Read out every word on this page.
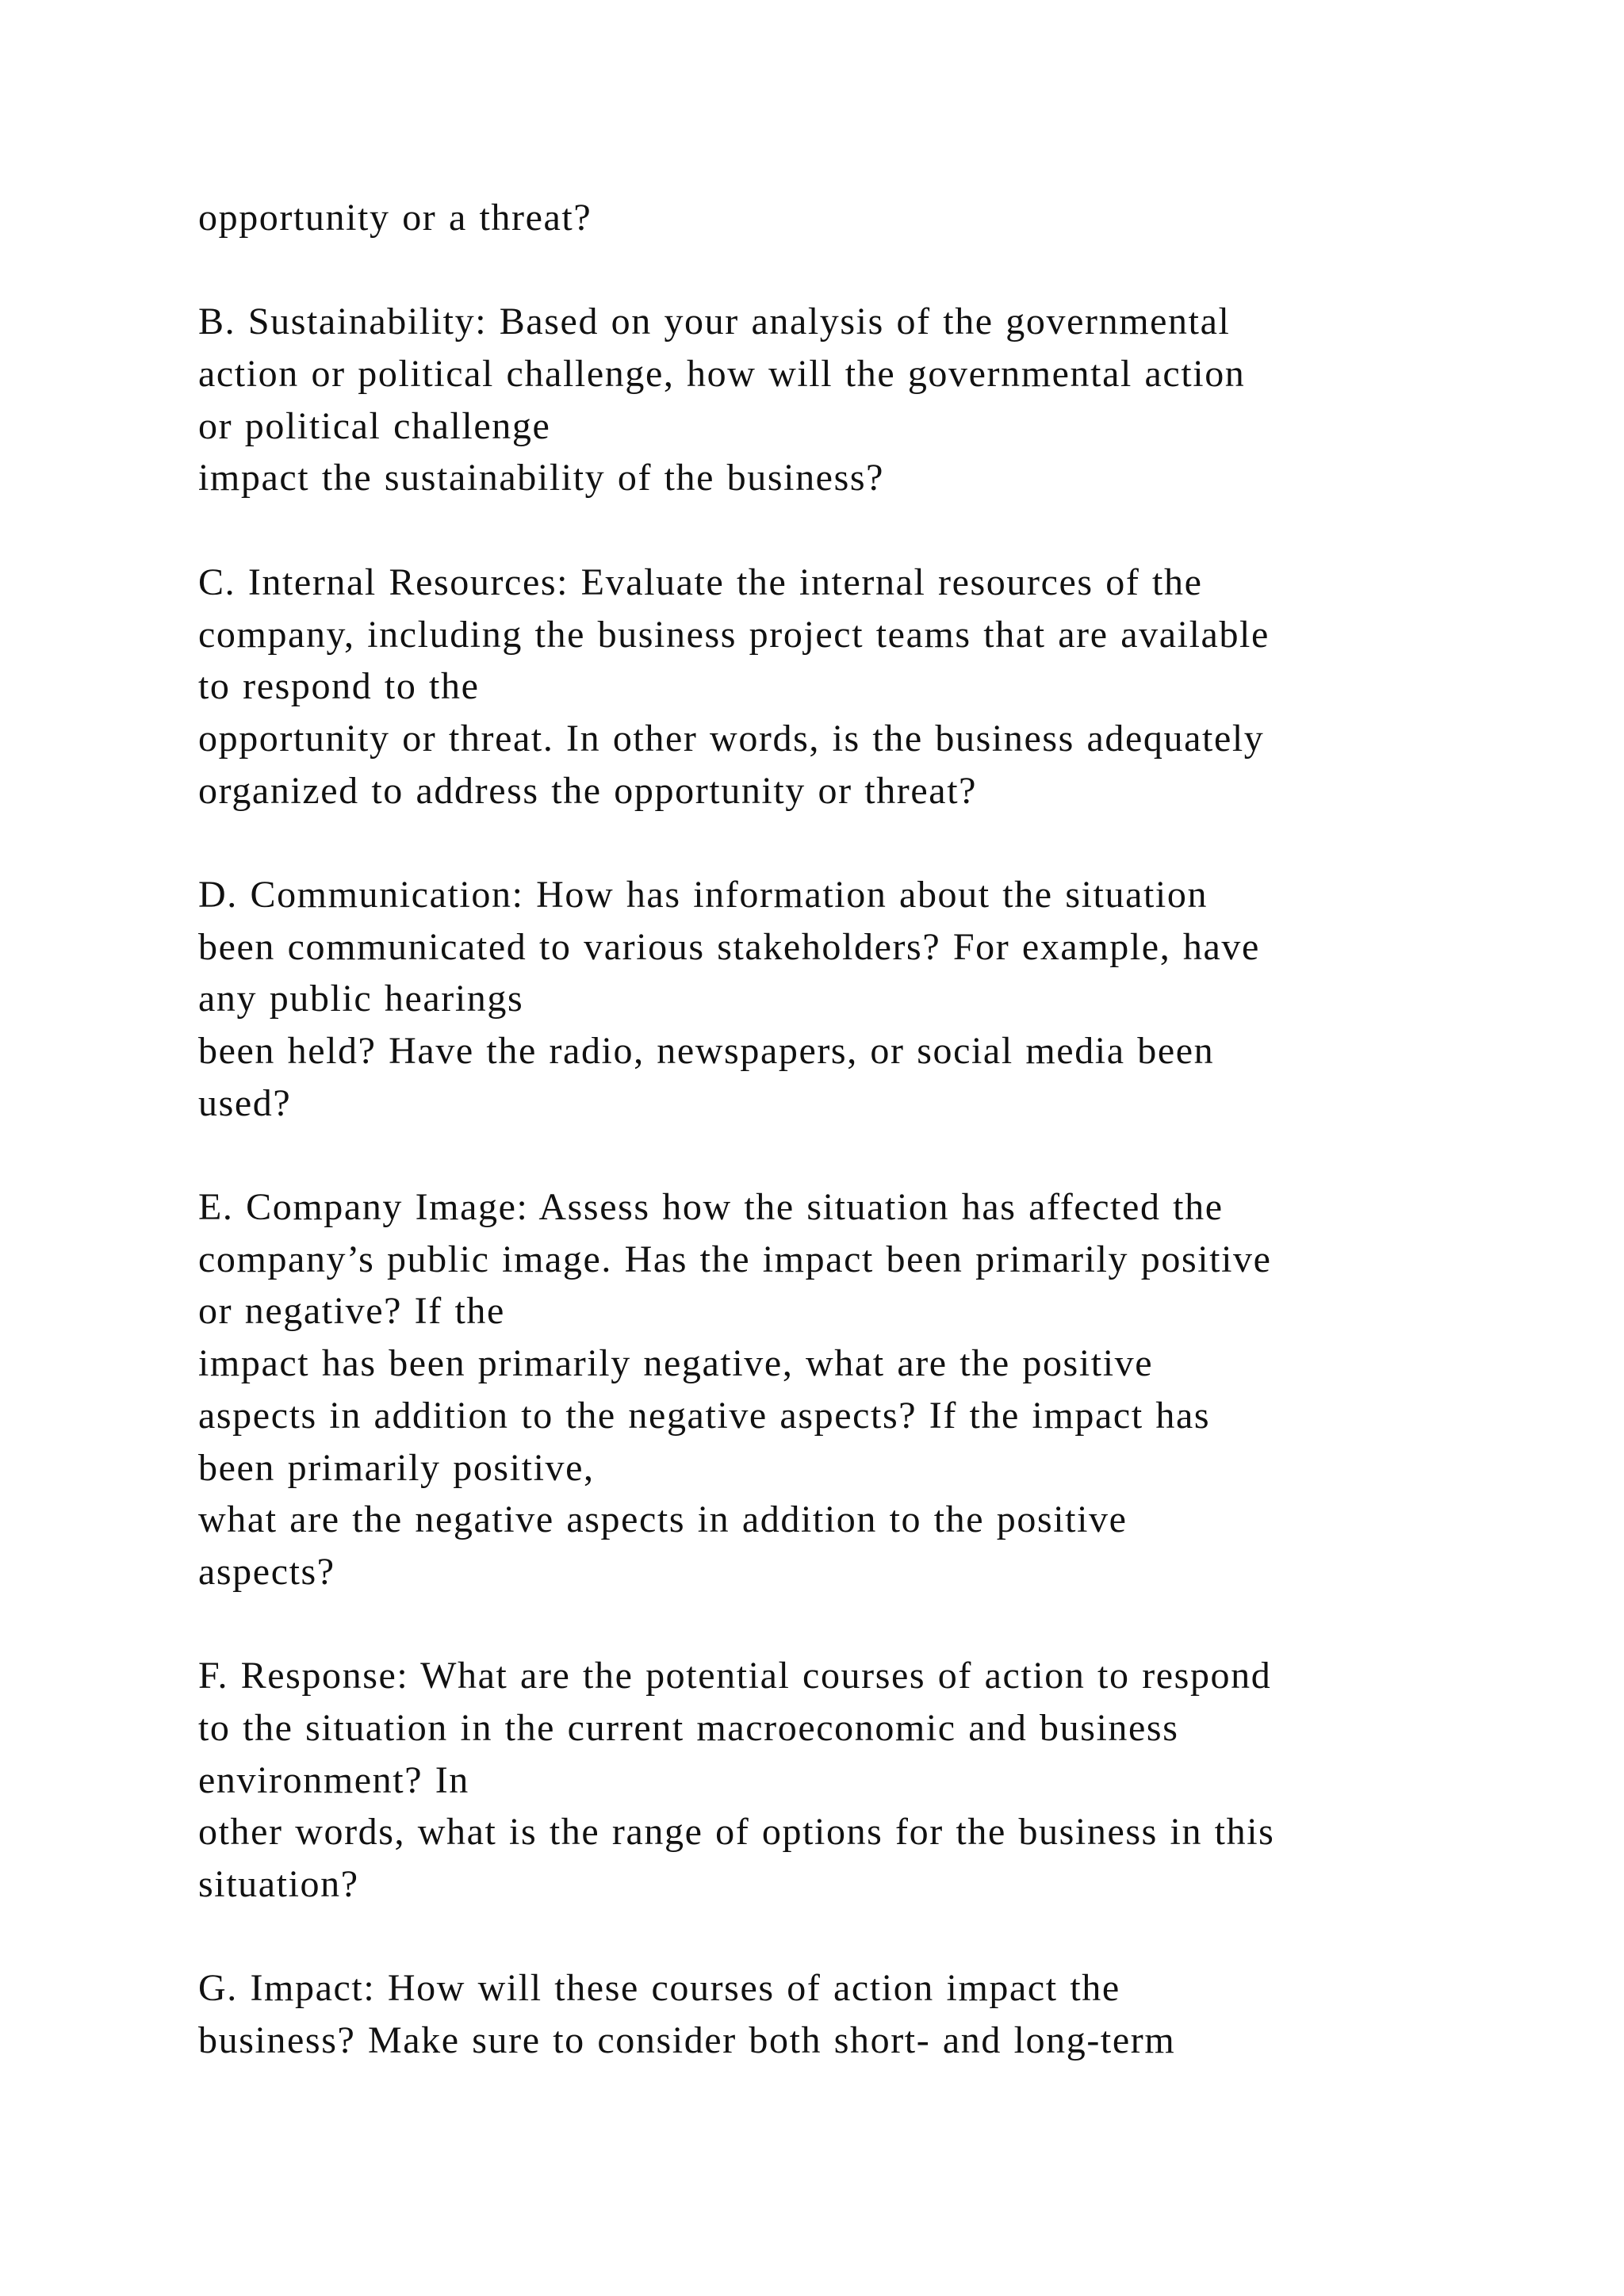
opportunity or a threat?
B. Sustainability: Based on your analysis of the governmental
action or political challenge, how will the governmental action
or political challenge
impact the sustainability of the business?
C. Internal Resources: Evaluate the internal resources of the
company, including the business project teams that are available
to respond to the
opportunity or threat. In other words, is the business adequately
organized to address the opportunity or threat?
D. Communication: How has information about the situation
been communicated to various stakeholders? For example, have
any public hearings
been held? Have the radio, newspapers, or social media been
used?
E. Company Image: Assess how the situation has affected the
company’s public image. Has the impact been primarily positive
or negative? If the
impact has been primarily negative, what are the positive
aspects in addition to the negative aspects? If the impact has
been primarily positive,
what are the negative aspects in addition to the positive
aspects?
F. Response: What are the potential courses of action to respond
to the situation in the current macroeconomic and business
environment? In
other words, what is the range of options for the business in this
situation?
G. Impact: How will these courses of action impact the
business? Make sure to consider both short- and long-term
